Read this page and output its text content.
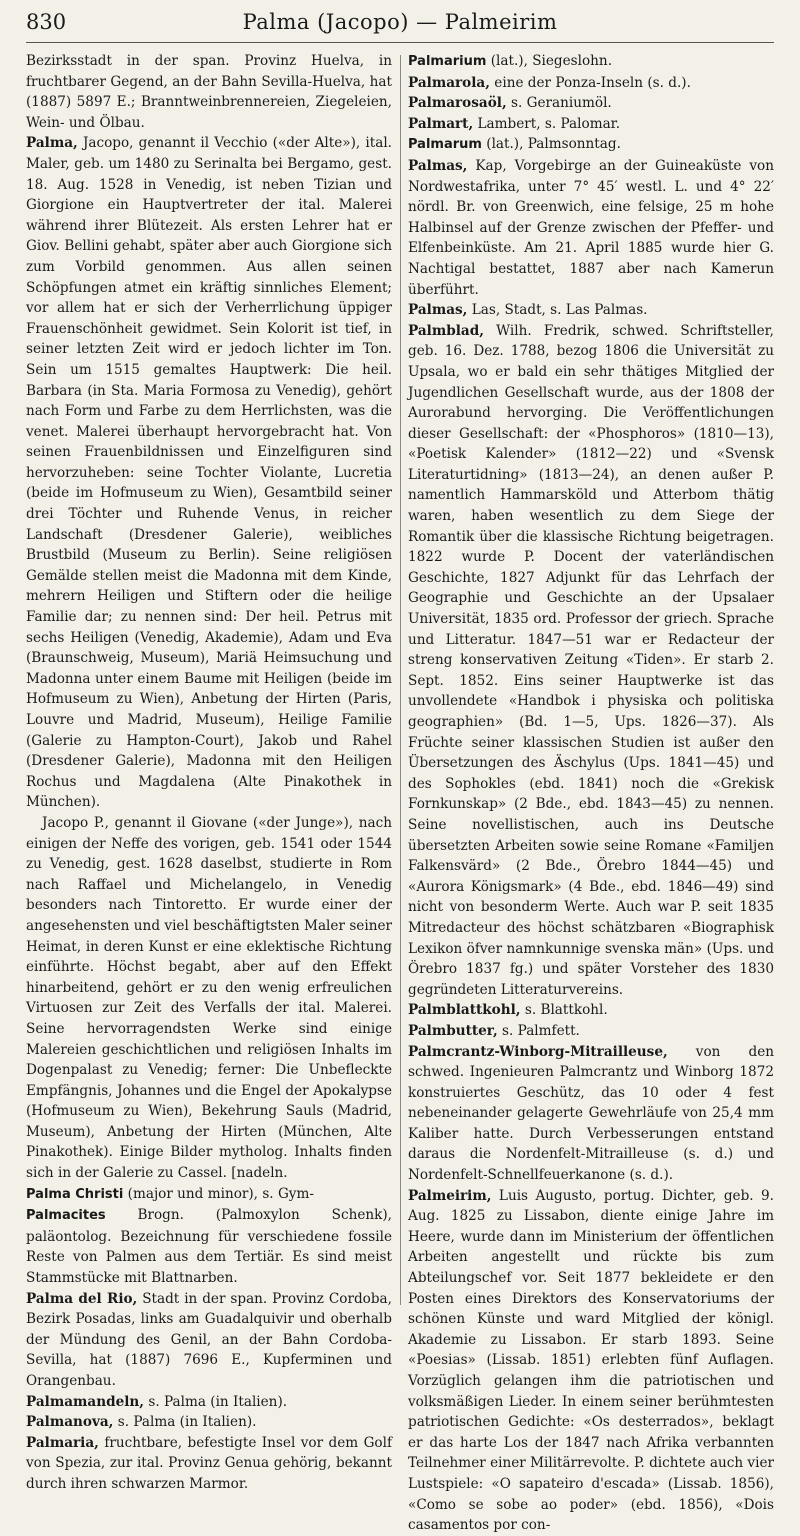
830	Palma (Jacopo) — Palmeirim

Bezirksstadt in der span. Provinz Huelva, in fruchtbarer Gegend, an der Bahn Sevilla-Huelva, hat (1887) 5897 E.; Branntweinbrennereien, Ziegeleien, Wein- und Ölbau.

Palma, Jacopo, genannt il Vecchio («der Alte»), ital. Maler, geb. um 1480 zu Serinalta bei Bergamo, gest. 18. Aug. 1528 in Venedig, ist neben Tizian und Giorgione ein Hauptvertreter der ital. Malerei während ihrer Blütezeit. Als ersten Lehrer hat er Giov. Bellini gehabt, später aber auch Giorgione sich zum Vorbild genommen. Aus allen seinen Schöpfungen atmet ein kräftig sinnliches Element; vor allem hat er sich der Verherrlichung üppiger Frauenschönheit gewidmet. Sein Kolorit ist tief, in seiner letzten Zeit wird er jedoch lichter im Ton. Sein um 1515 gemaltes Hauptwerk: Die heil. Barbara (in Sta. Maria Formosa zu Venedig), gehört nach Form und Farbe zu dem Herrlichsten, was die venet. Malerei überhaupt hervorgebracht hat. Von seinen Frauenbildnissen und Einzelfiguren sind hervorzuheben: seine Tochter Violante, Lucretia (beide im Hofmuseum zu Wien), Gesamtbild seiner drei Töchter und Ruhende Venus, in reicher Landschaft (Dresdener Galerie), weibliches Brustbild (Museum zu Berlin). Seine religiösen Gemälde stellen meist die Madonna mit dem Kinde, mehrern Heiligen und Stiftern oder die heilige Familie dar; zu nennen sind: Der heil. Petrus mit sechs Heiligen (Venedig, Akademie), Adam und Eva (Braunschweig, Museum), Mariä Heimsuchung und Madonna unter einem Baume mit Heiligen (beide im Hofmuseum zu Wien), Anbetung der Hirten (Paris, Louvre und Madrid, Museum), Heilige Familie (Galerie zu Hampton-Court), Jakob und Rahel (Dresdener Galerie), Madonna mit den Heiligen Rochus und Magdalena (Alte Pinakothek in München).

Jacopo P., genannt il Giovane («der Junge»), nach einigen der Neffe des vorigen, geb. 1541 oder 1544 zu Venedig, gest. 1628 daselbst, studierte in Rom nach Raffael und Michelangelo, in Venedig besonders nach Tintoretto. Er wurde einer der angesehensten und viel beschäftigtsten Maler seiner Heimat, in deren Kunst er eine eklektische Richtung einführte. Höchst begabt, aber auf den Effekt hinarbeitend, gehört er zu den wenig erfreulichen Virtuosen zur Zeit des Verfalls der ital. Malerei. Seine hervorragendsten Werke sind einige Malereien geschichtlichen und religiösen Inhalts im Dogenpalast zu Venedig; ferner: Die Unbefleckte Empfängnis, Johannes und die Engel der Apokalypse (Hofmuseum zu Wien), Bekehrung Sauls (Madrid, Museum), Anbetung der Hirten (München, Alte Pinakothek). Einige Bilder mytholog. Inhalts finden sich in der Galerie zu Cassel. [nadeln.

Palma Christi (major und minor), s. Gym-

Palmacites Brogn. (Palmoxylon Schenk), paläontolog. Bezeichnung für verschiedene fossile Reste von Palmen aus dem Tertiär. Es sind meist Stammstücke mit Blattnarben.

Palma del Rio, Stadt in der span. Provinz Cordoba, Bezirk Posadas, links am Guadalquivir und oberhalb der Mündung des Genil, an der Bahn Cordoba-Sevilla, hat (1887) 7696 E., Kupferminen und Orangenbau.

Palmamandeln, s. Palma (in Italien).

Palmanova, s. Palma (in Italien).

Palmaria, fruchtbare, befestigte Insel vor dem Golf von Spezia, zur ital. Provinz Genua gehörig, bekannt durch ihren schwarzen Marmor.

Palmarium (lat.), Siegeslohn.

Palmarola, eine der Ponza-Inseln (s. d.).

Palmarosaöl, s. Geraniumöl.

Palmart, Lambert, s. Palomar.

Palmarum (lat.), Palmsonntag.

Palmas, Kap, Vorgebirge an der Guineaküste von Nordwestafrika, unter 7° 45′ westl. L. und 4° 22′ nördl. Br. von Greenwich, eine felsige, 25 m hohe Halbinsel auf der Grenze zwischen der Pfeffer- und Elfenbeinküste. Am 21. April 1885 wurde hier G. Nachtigal bestattet, 1887 aber nach Kamerun überführt.

Palmas, Las, Stadt, s. Las Palmas.

Palmblad, Wilh. Fredrik, schwed. Schriftsteller, geb. 16. Dez. 1788, bezog 1806 die Universität zu Upsala, wo er bald ein sehr thätiges Mitglied der Jugendlichen Gesellschaft wurde, aus der 1808 der Aurorabund hervorging. Die Veröffentlichungen dieser Gesellschaft: der «Phosphoros» (1810—13), «Poetisk Kalender» (1812—22) und «Svensk Literaturtidning» (1813—24), an denen außer P. namentlich Hammarsköld und Atterbom thätig waren, haben wesentlich zu dem Siege der Romantik über die klassische Richtung beigetragen. 1822 wurde P. Docent der vaterländischen Geschichte, 1827 Adjunkt für das Lehrfach der Geographie und Geschichte an der Upsalaer Universität, 1835 ord. Professor der griech. Sprache und Litteratur. 1847—51 war er Redacteur der streng konservativen Zeitung «Tiden». Er starb 2. Sept. 1852. Eins seiner Hauptwerke ist das unvollendete «Handbok i physiska och politiska geographien» (Bd. 1—5, Ups. 1826—37). Als Früchte seiner klassischen Studien ist außer den Übersetzungen des Äschylus (Ups. 1841—45) und des Sophokles (ebd. 1841) noch die «Grekisk Fornkunskap» (2 Bde., ebd. 1843—45) zu nennen. Seine novellistischen, auch ins Deutsche übersetzten Arbeiten sowie seine Romane «Familjen Falkensvärd» (2 Bde., Örebro 1844—45) und «Aurora Königsmark» (4 Bde., ebd. 1846—49) sind nicht von besonderm Werte. Auch war P. seit 1835 Mitredacteur des höchst schätzbaren «Biographisk Lexikon öfver namnkunnige svenska män» (Ups. und Örebro 1837 fg.) und später Vorsteher des 1830 gegründeten Litteraturvereins.

Palmblattkohl, s. Blattkohl.

Palmbutter, s. Palmfett.

Palmcrantz-Winborg-Mitrailleuse, von den schwed. Ingenieuren Palmcrantz und Winborg 1872 konstruiertes Geschütz, das 10 oder 4 fest nebeneinander gelagerte Gewehrläufe von 25,4 mm Kaliber hatte. Durch Verbesserungen entstand daraus die Nordenfelt-Mitrailleuse (s. d.) und Nordenfelt-Schnellfeuerkanone (s. d.).

Palmeirim, Luis Augusto, portug. Dichter, geb. 9. Aug. 1825 zu Lissabon, diente einige Jahre im Heere, wurde dann im Ministerium der öffentlichen Arbeiten angestellt und rückte bis zum Abteilungschef vor. Seit 1877 bekleidete er den Posten eines Direktors des Konservatoriums der schönen Künste und ward Mitglied der königl. Akademie zu Lissabon. Er starb 1893. Seine «Poesias» (Lissab. 1851) erlebten fünf Auflagen. Vorzüglich gelangen ihm die patriotischen und volksmäßigen Lieder. In einem seiner berühmtesten patriotischen Gedichte: «Os desterrados», beklagt er das harte Los der 1847 nach Afrika verbannten Teilnehmer einer Militärrevolte. P. dichtete auch vier Lustspiele: «O sapateiro d'escada» (Lissab. 1856), «Como se sobe ao poder» (ebd. 1856), «Dois casamentos por con-
